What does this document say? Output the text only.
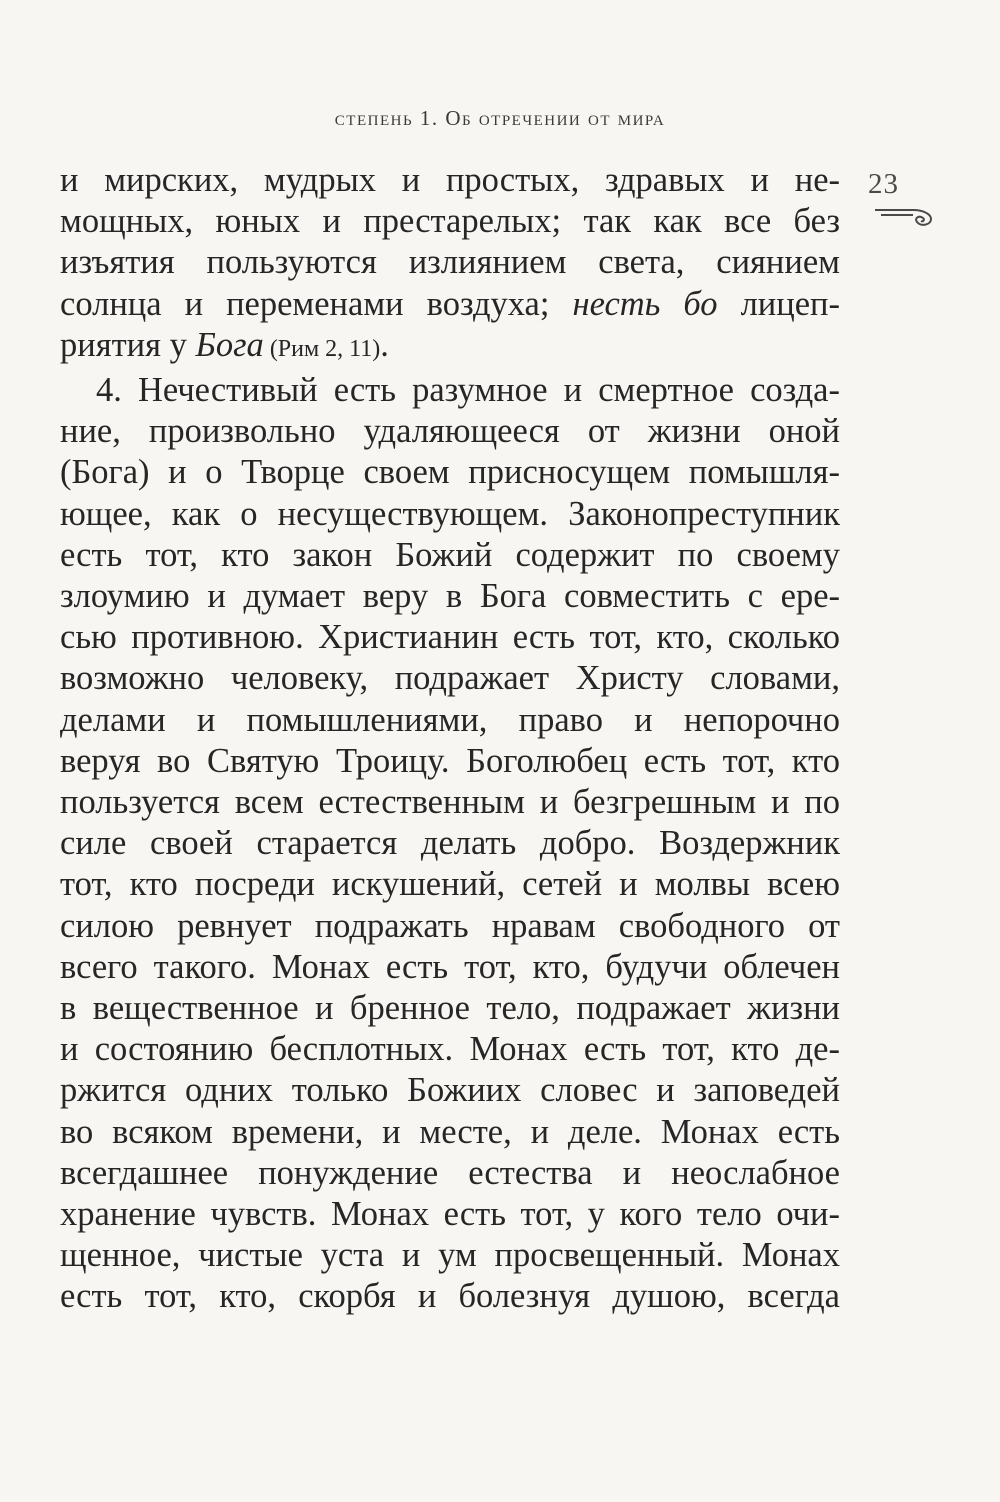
степень 1. Об отречении от мира
23
и мирских, мудрых и простых, здравых и не-
мощных, юных и престарелых; так как все без
изъятия пользуются излиянием света, сиянием
солнца и переменами воздуха; несть бо лицеп-
риятия у Бога (Рим 2, 11).
4. Нечестивый есть разумное и смертное созда-
ние, произвольно удаляющееся от жизни оной
(Бога) и о Творце своем присносущем помышля-
ющее, как о несуществующем. Законопреступник
есть тот, кто закон Божий содержит по своему
злоумию и думает веру в Бога совместить с ере-
сью противною. Христианин есть тот, кто, сколько
возможно человеку, подражает Христу словами,
делами и помышлениями, право и непорочно
веруя во Святую Троицу. Боголюбец есть тот, кто
пользуется всем естественным и безгрешным и по
силе своей старается делать добро. Воздержник
тот, кто посреди искушений, сетей и молвы всею
силою ревнует подражать нравам свободного от
всего такого. Монах есть тот, кто, будучи облечен
в вещественное и бренное тело, подражает жизни
и состоянию бесплотных. Монах есть тот, кто де-
ржится одних только Божиих словес и заповедей
во всяком времени, и месте, и деле. Монах есть
всегдашнее понуждение естества и неослабное
хранение чувств. Монах есть тот, у кого тело очи-
щенное, чистые уста и ум просвещенный. Монах
есть тот, кто, скорбя и болезнуя душою, всегда
